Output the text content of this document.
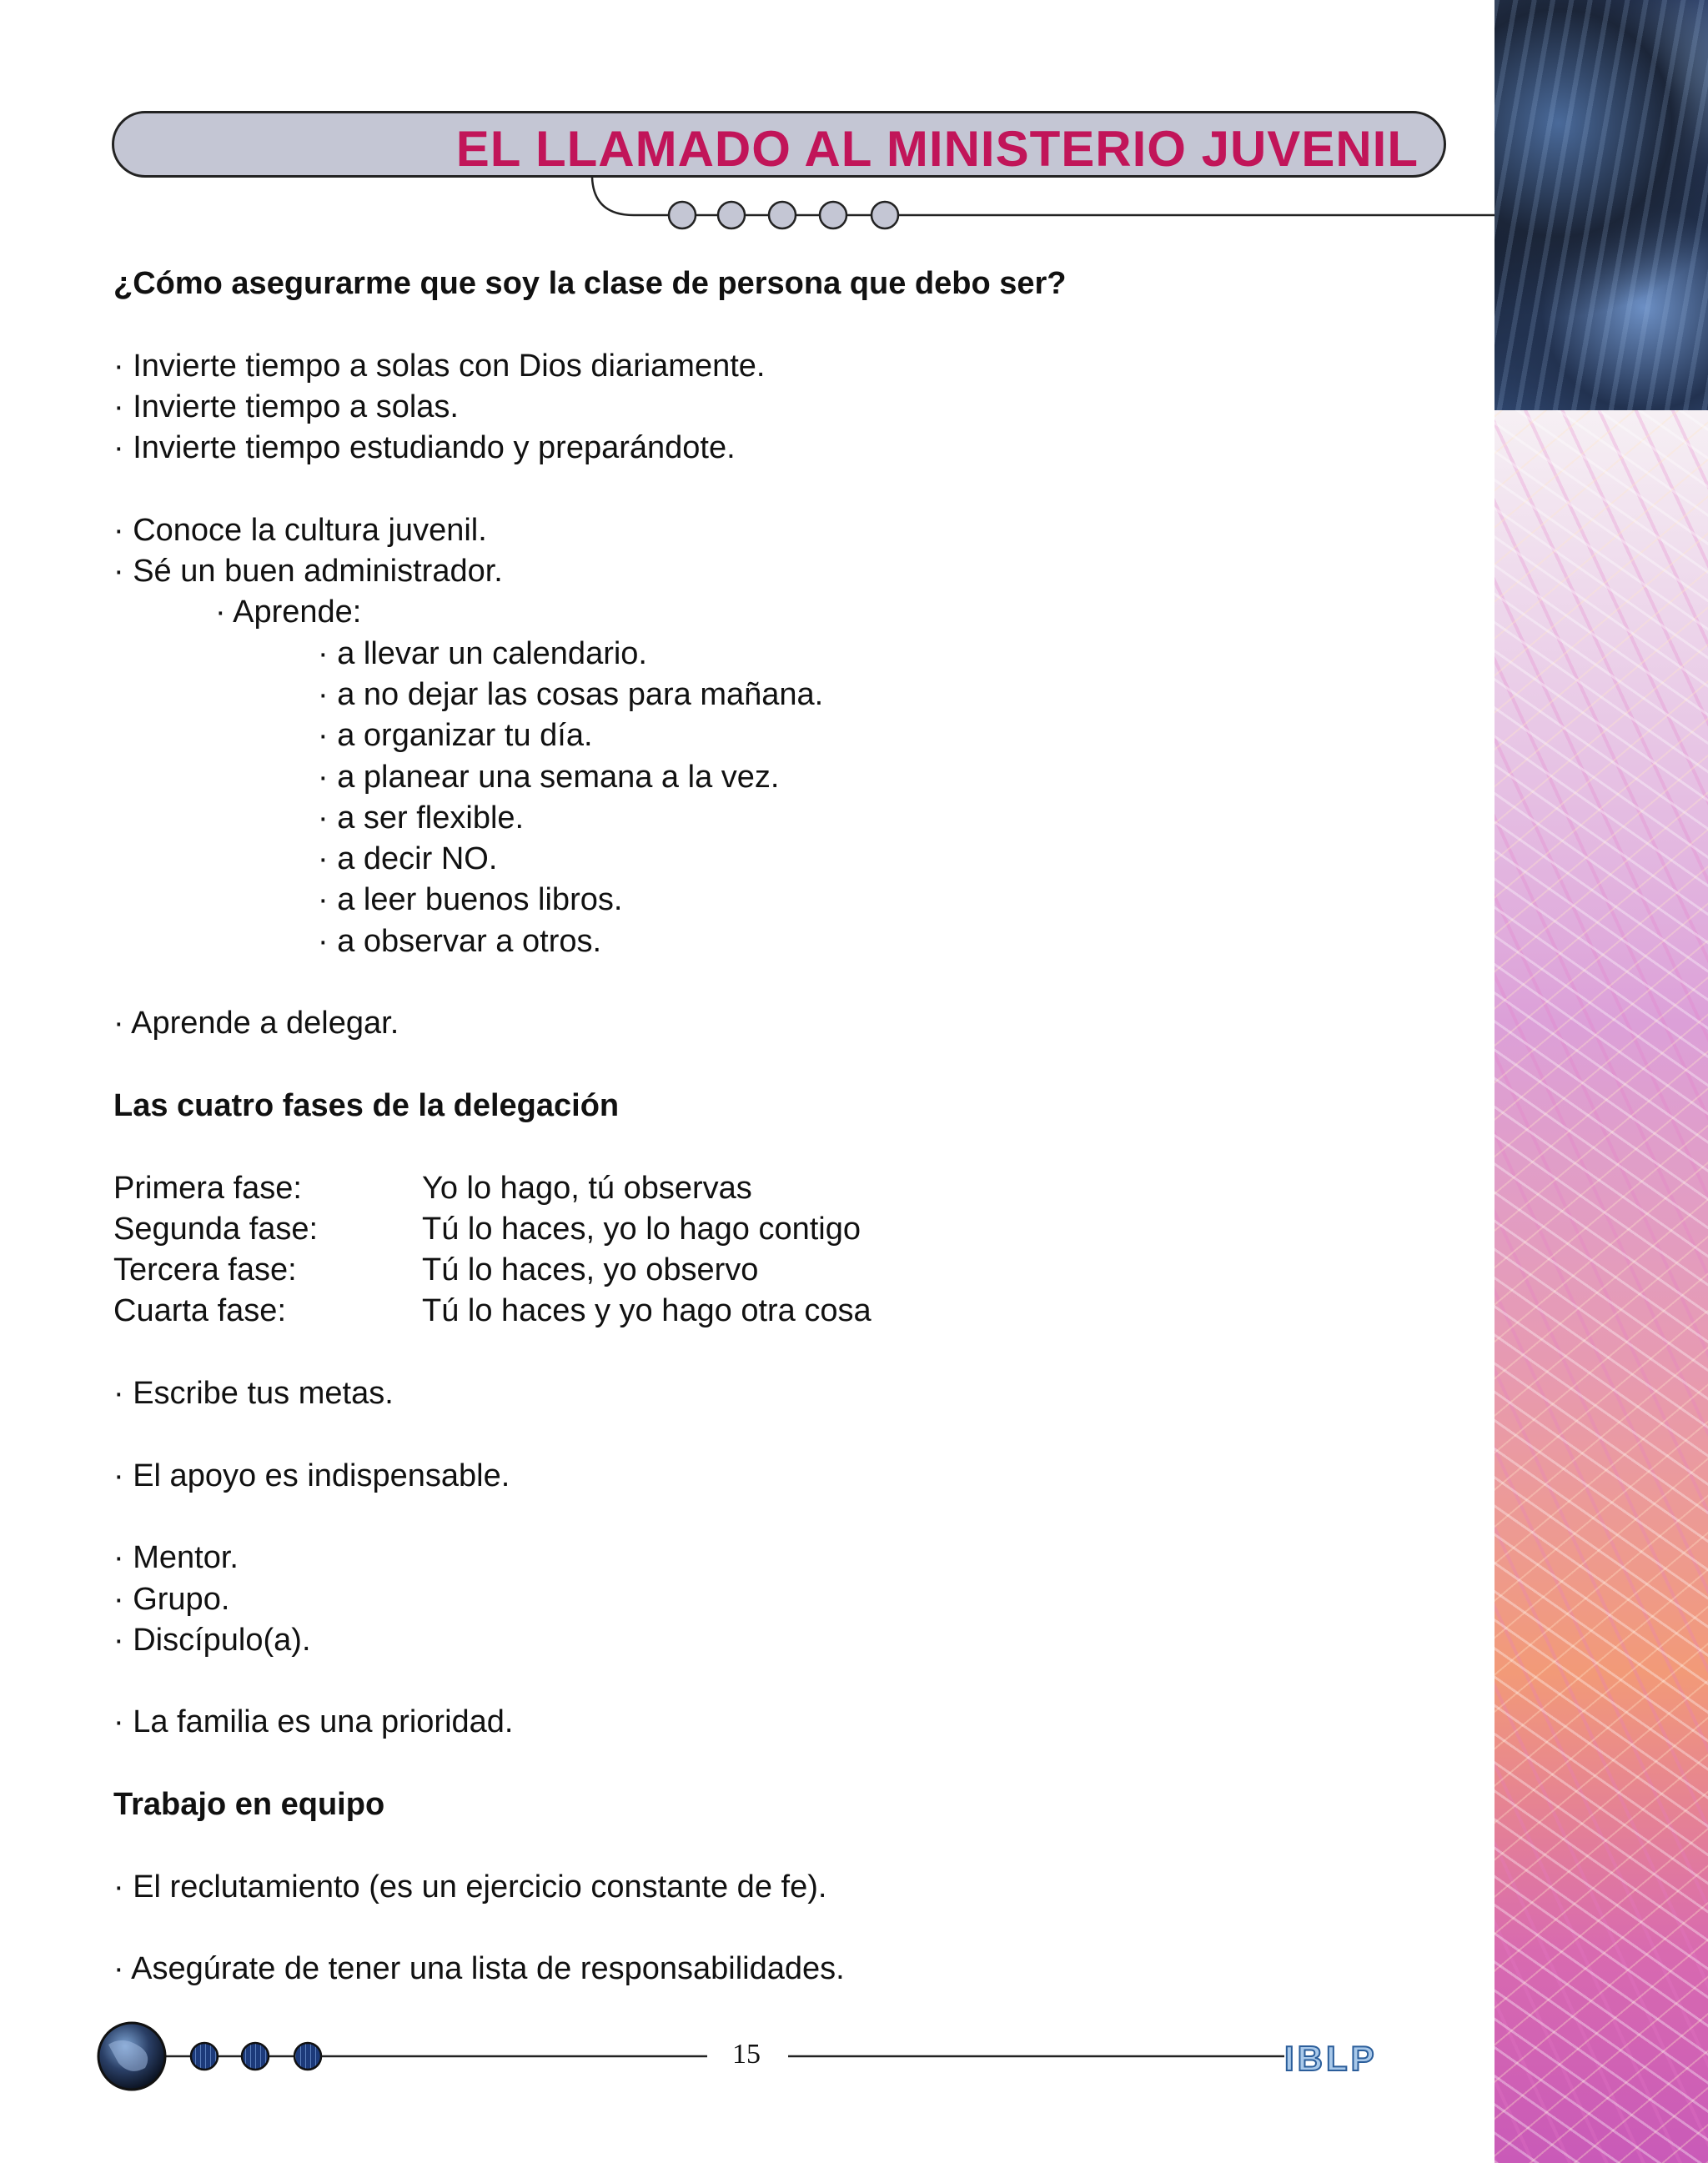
EL LLAMADO AL MINISTERIO JUVENIL
¿Cómo asegurarme que soy la clase de persona que debo ser?
· Invierte tiempo a solas con Dios diariamente.
· Invierte tiempo a solas.
· Invierte tiempo estudiando y preparándote.
· Conoce la cultura juvenil.
· Sé un buen administrador.
· Aprende:
· a llevar un calendario.
· a no dejar las cosas para mañana.
· a organizar tu día.
· a planear una semana a la vez.
· a ser flexible.
· a decir NO.
· a leer buenos libros.
· a observar a otros.
· Aprende a delegar.
Las cuatro fases de la delegación
Primera fase:	Yo lo hago, tú observas
Segunda fase:	Tú lo haces, yo lo hago contigo
Tercera fase:	Tú lo haces, yo observo
Cuarta fase:	Tú lo haces y yo hago otra cosa
· Escribe tus metas.
· El apoyo es indispensable.
· Mentor.
· Grupo.
· Discípulo(a).
· La familia es una prioridad.
Trabajo en equipo
· El reclutamiento (es un ejercicio constante de fe).
· Asegúrate de tener una lista de responsabilidades.
15	IBLP
